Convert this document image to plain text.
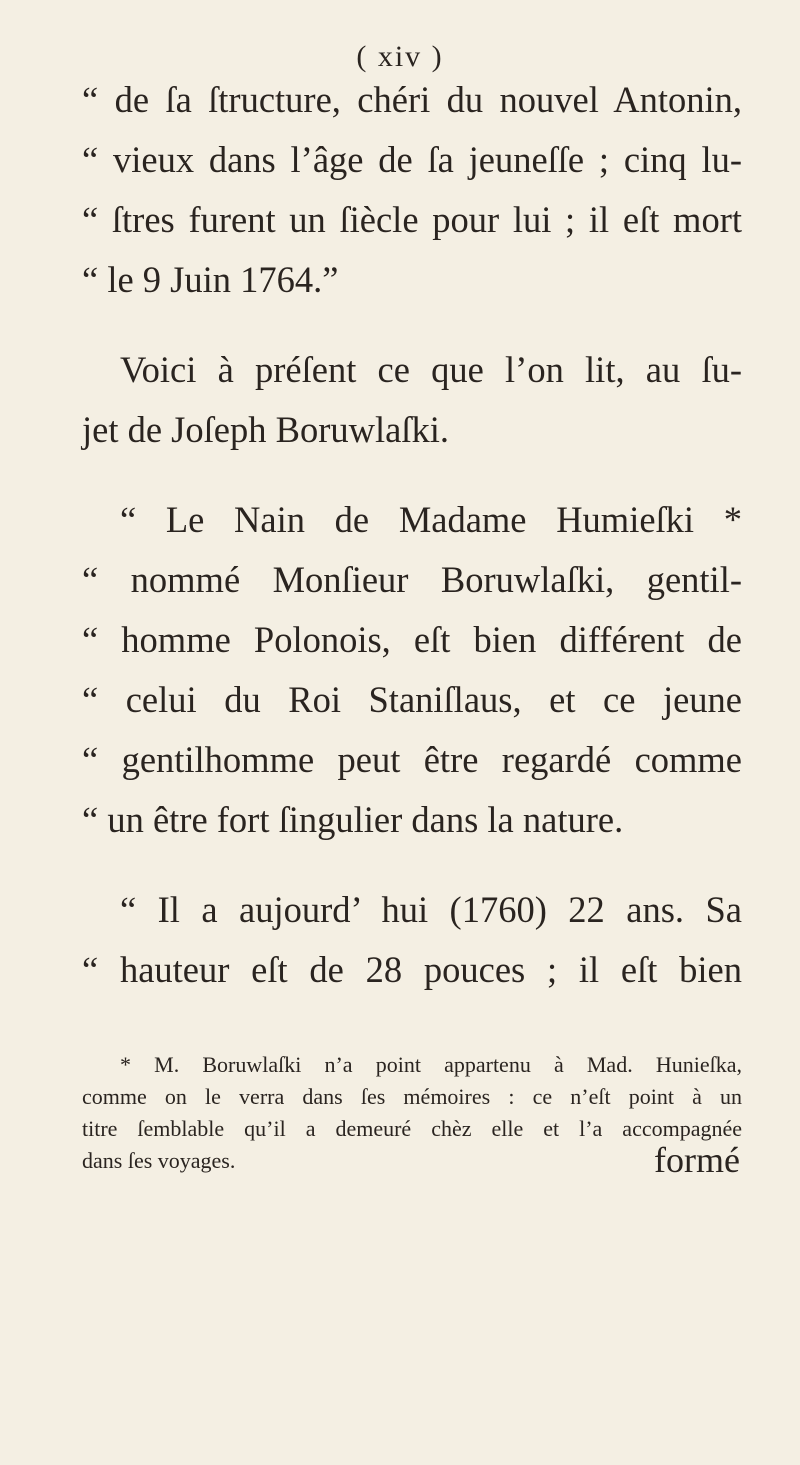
( xiv )
“ de ſa ſtructure, chéri du nouvel Antonin,
“ vieux dans l’âge de ſa jeuneſſe ; cinq lu-
“ ſtres furent un ſiècle pour lui ; il eſt mort
“ le 9 Juin 1764.”
Voici à préſent ce que l’on lit, au ſu-
jet de Joſeph Boruwlaſki.
“ Le Nain de Madame Humieſki *
“ nommé Monſieur Boruwlaſki, gentil-
“ homme Polonois, eſt bien différent de
“ celui du Roi Staniſlaus, et ce jeune
“ gentilhomme peut être regardé comme
“ un être fort ſingulier dans la nature.
“ Il a aujourd’ hui (1760) 22 ans. Sa
“ hauteur eſt de 28 pouces ; il eſt bien
* M. Boruwlaſki n’a point appartenu à Mad. Hunieſka,
comme on le verra dans ſes mémoires : ce n’eſt point à un
titre ſemblable qu’il a demeuré chèz elle et l’a accompagnée
dans ſes voyages.	formé
